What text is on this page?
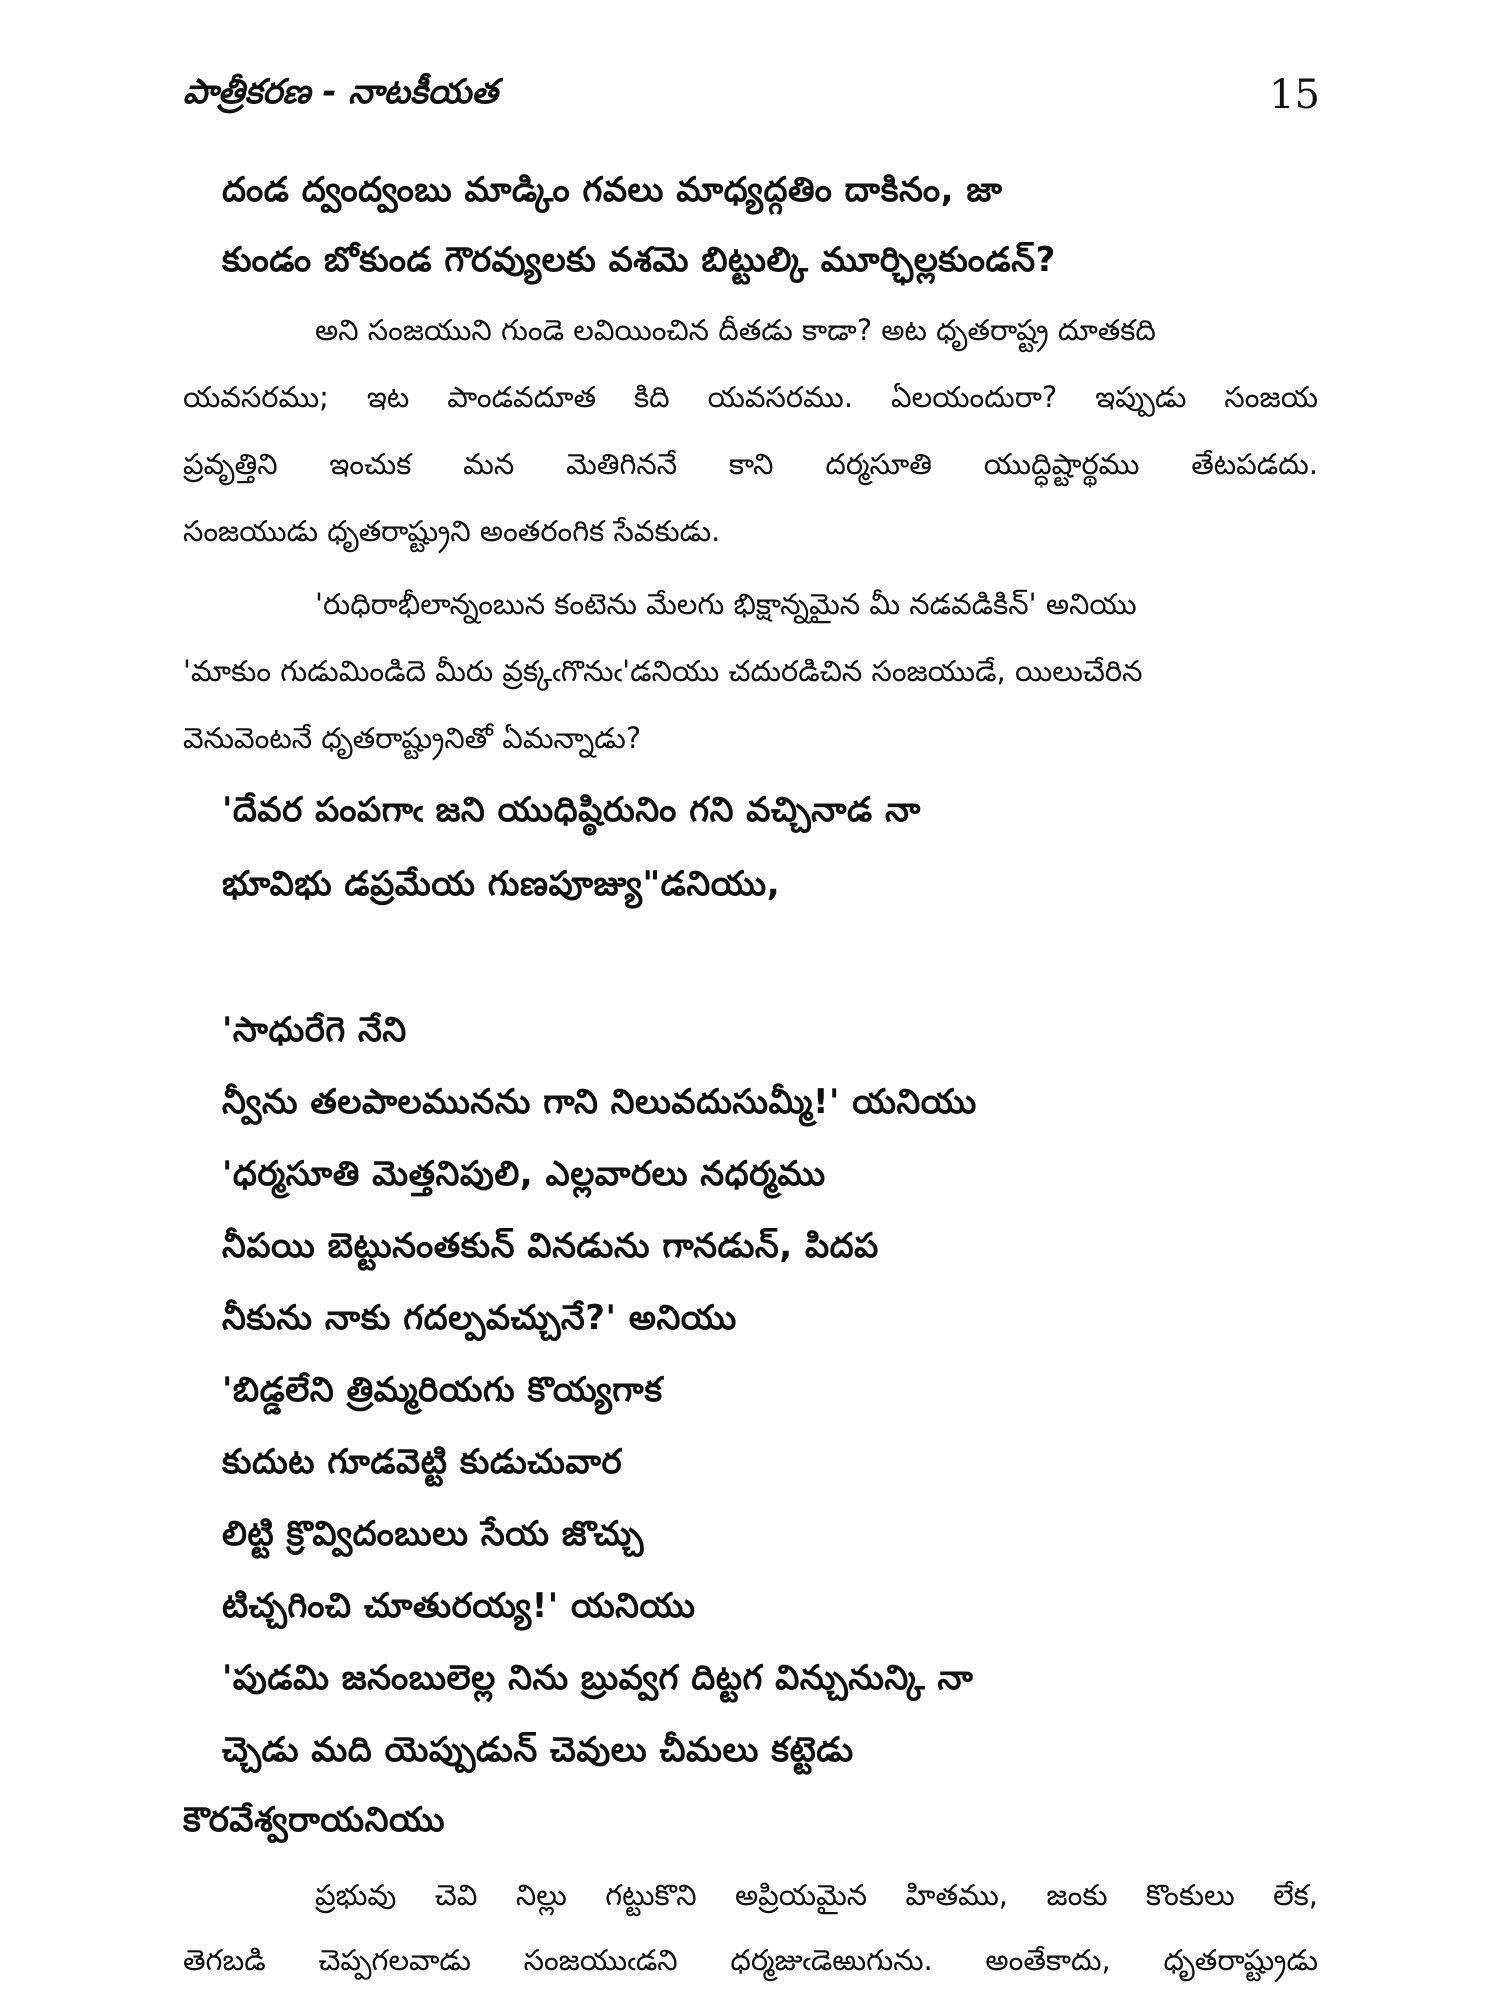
పాత్రీకరణ - నాటకీయత	15
దండ ద్వంద్వంబు మాడ్కిం గవలు మాధ్యద్గతిం దాకినం, జా
కుండం బోకుండ గౌరవ్యులకు వశమె బిట్టుల్కి మూర్ఛిల్లకుండన్?
అని సంజయుని గుండె లవియించిన దీతడు కాడా? అట ధృతరాష్ట్ర దూతకది
యవసరము; ఇట పాండవదూత కిది యవసరము. ఏలయందురా? ఇప్పుడు సంజయ
ప్రవృత్తిని ఇంచుక మన మెతిగిననే కాని దర్మసూతి యుద్ధిష్టార్థము తేటపడదు.
సంజయుడు ధృతరాష్ట్రుని అంతరంగిక సేవకుడు.
'రుధిరాభీలాన్నంబున కంటెను మేలగు భిక్షాన్నమైన మీ నడవడికిన్' అనియు
'మాకుం గుడుమిండిదె మీరు వ్రక్కఁగొనుఁ'డనియు చదురడిచిన సంజయుడే, యిలుచేరిన
వెనువెంటనే ధృతరాష్ట్రునితో ఏమన్నాడు?
'దేవర పంపగాఁ జని యుధిష్ఠిరునిం గని వచ్చినాడ నా
భూవిభు డప్రమేయ గుణపూజ్యు"డనియు,
'సాధురేగె నేని
న్వీను తలపాలమునను గాని నిలువదుసుమ్మీ!' యనియు
'ధర్మసూతి మెత్తనిపులి, ఎల్లవారలు నధర్మము
నీపయి బెట్టునంతకున్ వినడును గానడున్, పిదప
నీకును నాకు గదల్పవచ్చునే?' అనియు
'బిడ్డలేని త్రిమ్మరియగు కొయ్యగాక
కుదుట గూడవెట్టి కుడుచువార
లిట్టి క్రొవ్విదంబులు సేయ జొచ్చు
టిచ్చగించి చూతురయ్య!' యనియు
'పుడమి జనంబులెల్ల నిను బ్రువ్వగ దిట్టగ విన్చునున్కి నా
చ్చెడు మది యెప్పుడున్ చెవులు చీమలు కట్టెడు
కౌరవేశ్వరాయనియు
ప్రభువు చెవి నిల్లు గట్టుకొని అప్రియమైన హితము, జంకు కొంకులు లేక,
తెగబడి చెప్పగలవాడు సంజయుఁడని ధర్మజుఁడెఱుగును. అంతేకాదు, ధృతరాష్ట్రుడు
